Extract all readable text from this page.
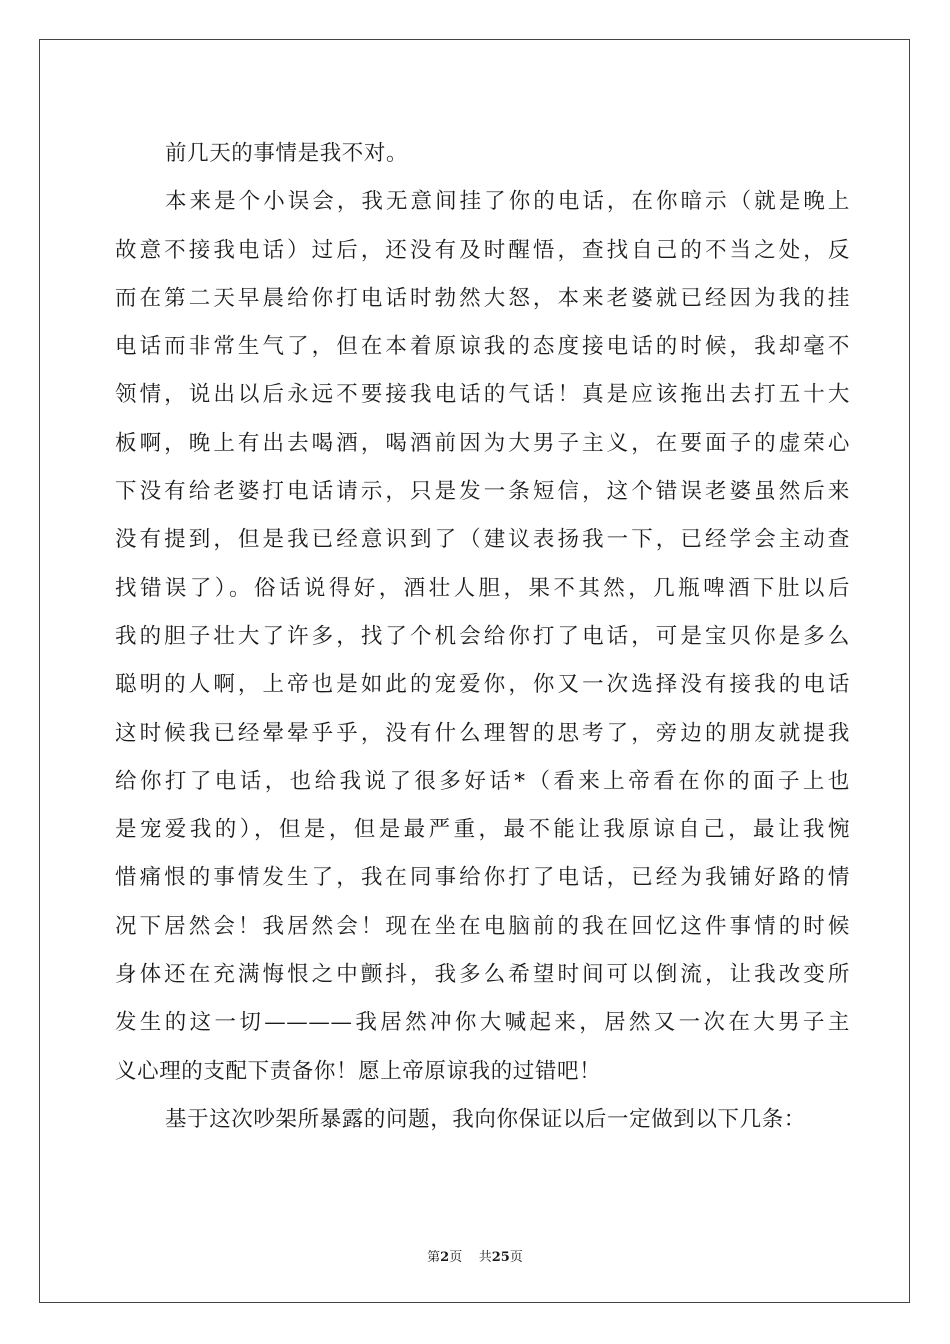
前几天的事情是我不对。
本来是个小误会，我无意间挂了你的电话，在你暗示（就是晚上
故意不接我电话）过后，还没有及时醒悟，查找自己的不当之处，反
而在第二天早晨给你打电话时勃然大怒，本来老婆就已经因为我的挂
电话而非常生气了，但在本着原谅我的态度接电话的时候，我却毫不
领情，说出以后永远不要接我电话的气话！真是应该拖出去打五十大
板啊，晚上有出去喝酒，喝酒前因为大男子主义，在要面子的虚荣心
下没有给老婆打电话请示，只是发一条短信，这个错误老婆虽然后来
没有提到，但是我已经意识到了（建议表扬我一下，已经学会主动查
找错误了）。俗话说得好，酒壮人胆，果不其然，几瓶啤酒下肚以后
我的胆子壮大了许多，找了个机会给你打了电话，可是宝贝你是多么
聪明的人啊，上帝也是如此的宠爱你，你又一次选择没有接我的电话
这时候我已经晕晕乎乎，没有什么理智的思考了，旁边的朋友就提我
给你打了电话，也给我说了很多好话*（看来上帝看在你的面子上也
是宠爱我的），但是，但是最严重，最不能让我原谅自己，最让我惋
惜痛恨的事情发生了，我在同事给你打了电话，已经为我铺好路的情
况下居然会！我居然会！现在坐在电脑前的我在回忆这件事情的时候
身体还在充满悔恨之中颤抖，我多么希望时间可以倒流，让我改变所
发生的这一切————我居然冲你大喊起来，居然又一次在大男子主
义心理的支配下责备你！愿上帝原谅我的过错吧！
基于这次吵架所暴露的问题，我向你保证以后一定做到以下几条：
第2页 共25页
